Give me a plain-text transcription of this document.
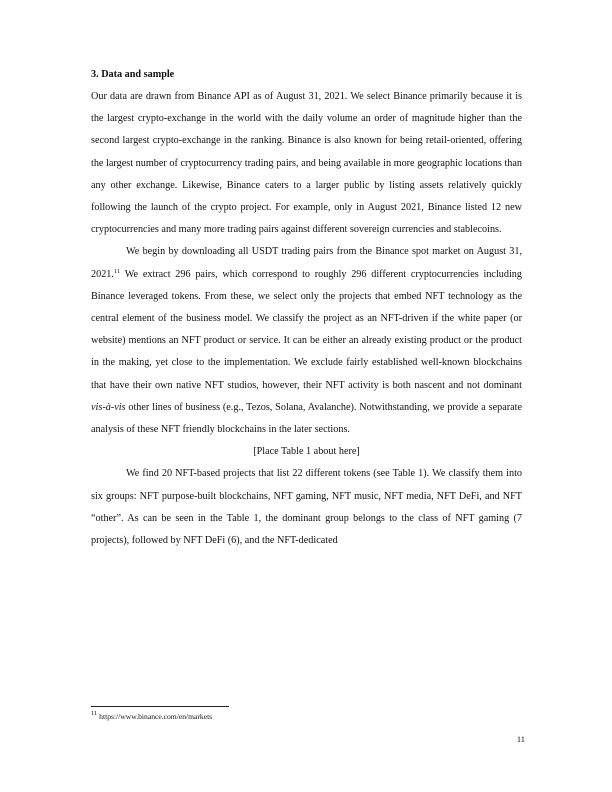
3. Data and sample

Our data are drawn from Binance API as of August 31, 2021. We select Binance primarily because it is the largest crypto-exchange in the world with the daily volume an order of magnitude higher than the second largest crypto-exchange in the ranking. Binance is also known for being retail-oriented, offering the largest number of cryptocurrency trading pairs, and being available in more geographic locations than any other exchange. Likewise, Binance caters to a larger public by listing assets relatively quickly following the launch of the crypto project. For example, only in August 2021, Binance listed 12 new cryptocurrencies and many more trading pairs against different sovereign currencies and stablecoins.

We begin by downloading all USDT trading pairs from the Binance spot market on August 31, 2021.11 We extract 296 pairs, which correspond to roughly 296 different cryptocurrencies including Binance leveraged tokens. From these, we select only the projects that embed NFT technology as the central element of the business model. We classify the project as an NFT-driven if the white paper (or website) mentions an NFT product or service. It can be either an already existing product or the product in the making, yet close to the implementation. We exclude fairly established well-known blockchains that have their own native NFT studios, however, their NFT activity is both nascent and not dominant vis-à-vis other lines of business (e.g., Tezos, Solana, Avalanche). Notwithstanding, we provide a separate analysis of these NFT friendly blockchains in the later sections.

[Place Table 1 about here]

We find 20 NFT-based projects that list 22 different tokens (see Table 1). We classify them into six groups: NFT purpose-built blockchains, NFT gaming, NFT music, NFT media, NFT DeFi, and NFT “other”. As can be seen in the Table 1, the dominant group belongs to the class of NFT gaming (7 projects), followed by NFT DeFi (6), and the NFT-dedicated

$^{11}$ https://www.binance.com/en/markets
11
